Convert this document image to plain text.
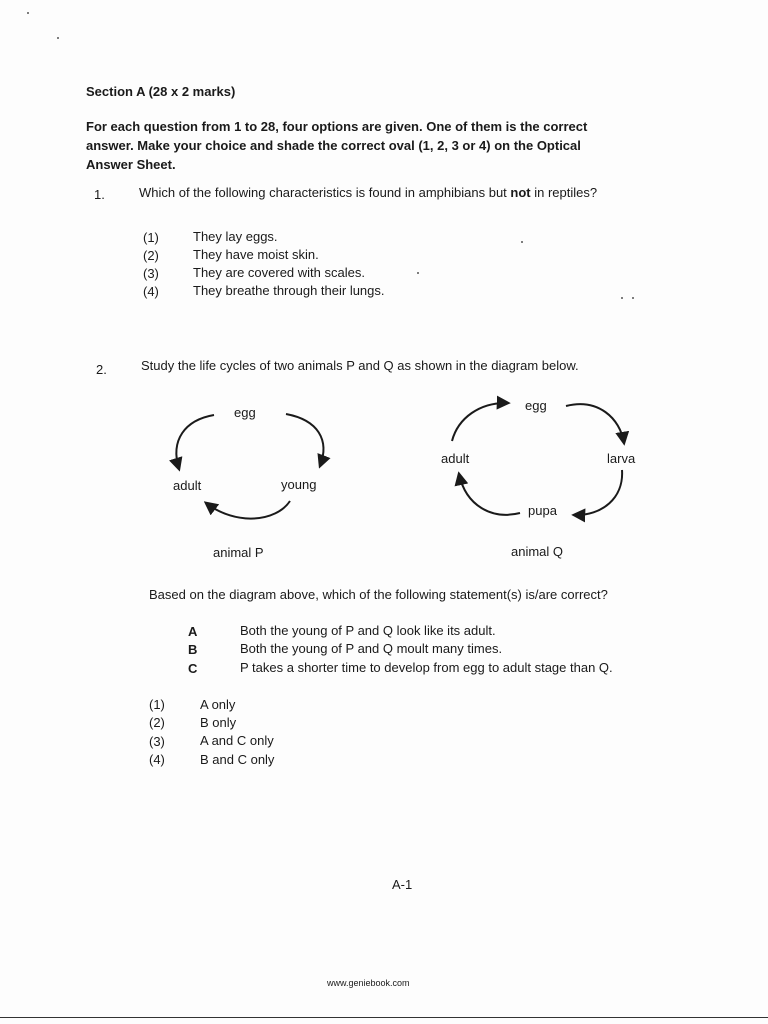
Section A (28 x 2 marks)
For each question from 1 to 28, four options are given. One of them is the correct
answer. Make your choice and shade the correct oval (1, 2, 3 or 4) on the Optical
Answer Sheet.
1.	Which of the following characteristics is found in amphibians but not in reptiles?
(1)	They lay eggs.
(2)	They have moist skin.
(3)	They are covered with scales.
(4)	They breathe through their lungs.
2.	Study the life cycles of two animals P and Q as shown in the diagram below.
egg
young
adult
animal P
egg
adult	larva
pupa
animal Q
Based on the diagram above, which of the following statement(s) is/are correct?
A	Both the young of P and Q look like its adult.
B	Both the young of P and Q moult many times.
C	P takes a shorter time to develop from egg to adult stage than Q.
(1)	A only
(2)	B only
(3)	A and C only
(4)	B and C only
A-1
www.geniebook.com
